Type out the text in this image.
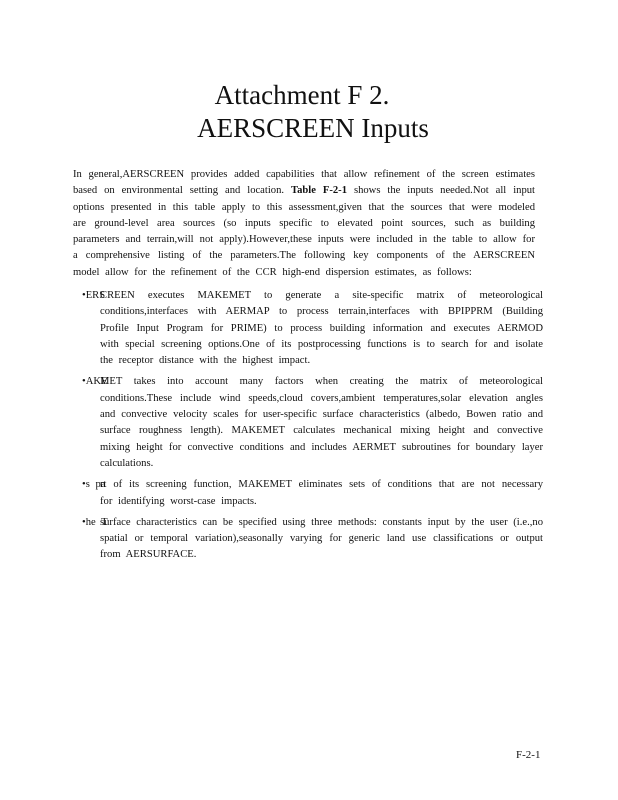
Attachment F 2.
AERSCREEN Inputs
In general,AERSCREEN provides added capabilities that allow refinement of the screen estimates based on environmental setting and location. Table F-2-1 shows the inputs needed.Not all input options presented in this table apply to this assessment,given that the sources that were modeled are ground-level area sources (so inputs specific to elevated point sources, such as building parameters and terrain,will not apply).However,these inputs were included in the table to allow for a comprehensive listing of the parameters.The following key components of the AERSCREEN model allow for the refinement of the CCR high-end dispersion estimates, as follows:
•ERS
CREEN executes MAKEMET to generate a site-specific matrix of meteorological conditions,interfaces with AERMAP to process terrain,interfaces with BPIPPRM (Building Profile Input Program for PRIME) to process building information and executes AERMOD with special screening options.One of its postprocessing functions is to search for and isolate the receptor distance with the highest impact.
•AKE
MET takes into account many factors when creating the matrix of meteorological conditions.These include wind speeds,cloud covers,ambient temperatures,solar elevation angles and convective velocity scales for user-specific surface characteristics (albedo, Bowen ratio and surface roughness length). MAKEMET calculates mechanical mixing height and convective mixing height for convective conditions and includes AERMET subroutines for boundary layer calculations.
•s pa
rt of its screening function, MAKEMET eliminates sets of conditions that are not necessary for identifying worst-case impacts.
•he T
surface characteristics can be specified using three methods: constants input by the user (i.e.,no spatial or temporal variation),seasonally varying for generic land use classifications or output from AERSURFACE.
F-2-1
